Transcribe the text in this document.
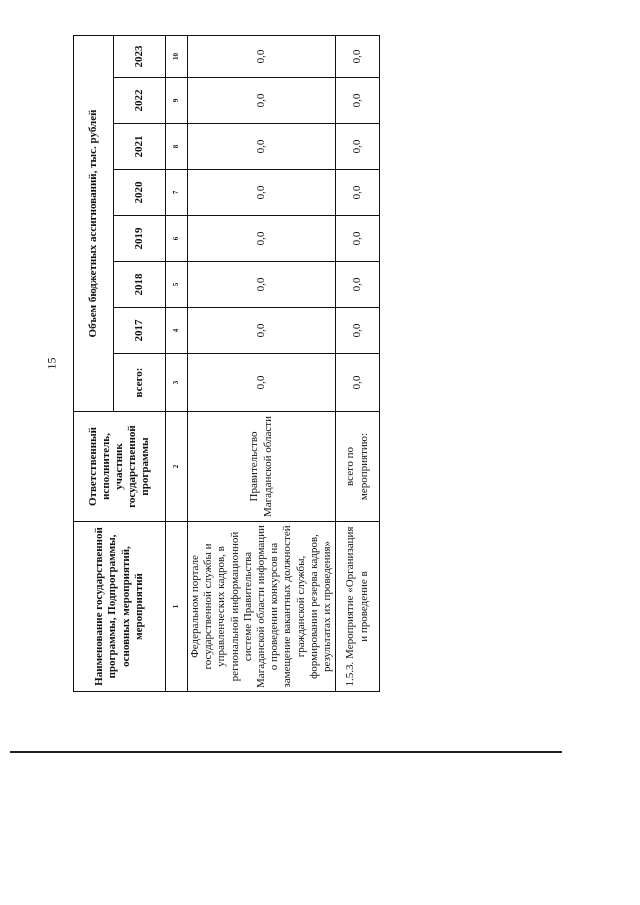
15
Наименование государственной программы, Подпрограммы, основных мероприятий, мероприятий	Ответственный исполнитель, участник государственной программы	Объем бюджетных ассигнований, тыс. рублей							
		всего:	2017	2018	2019	2020	2021	2022	2023
1	2	3	4	5	6	7	8	9	10
Федеральном портале государственной службы и управленческих кадров, в региональной информационной системе Правительства Магаданской области информации о проведении конкурсов на замещение вакантных должностей гражданской службы, формировании резерва кадров, результатах их проведения»	Правительство Магаданской области	0,0	0,0	0,0	0,0	0,0	0,0	0,0	0,0
1.5.3. Мероприятие «Организация и проведение в	всего по мероприятию:	0,0	0,0	0,0	0,0	0,0	0,0	0,0	0,0
